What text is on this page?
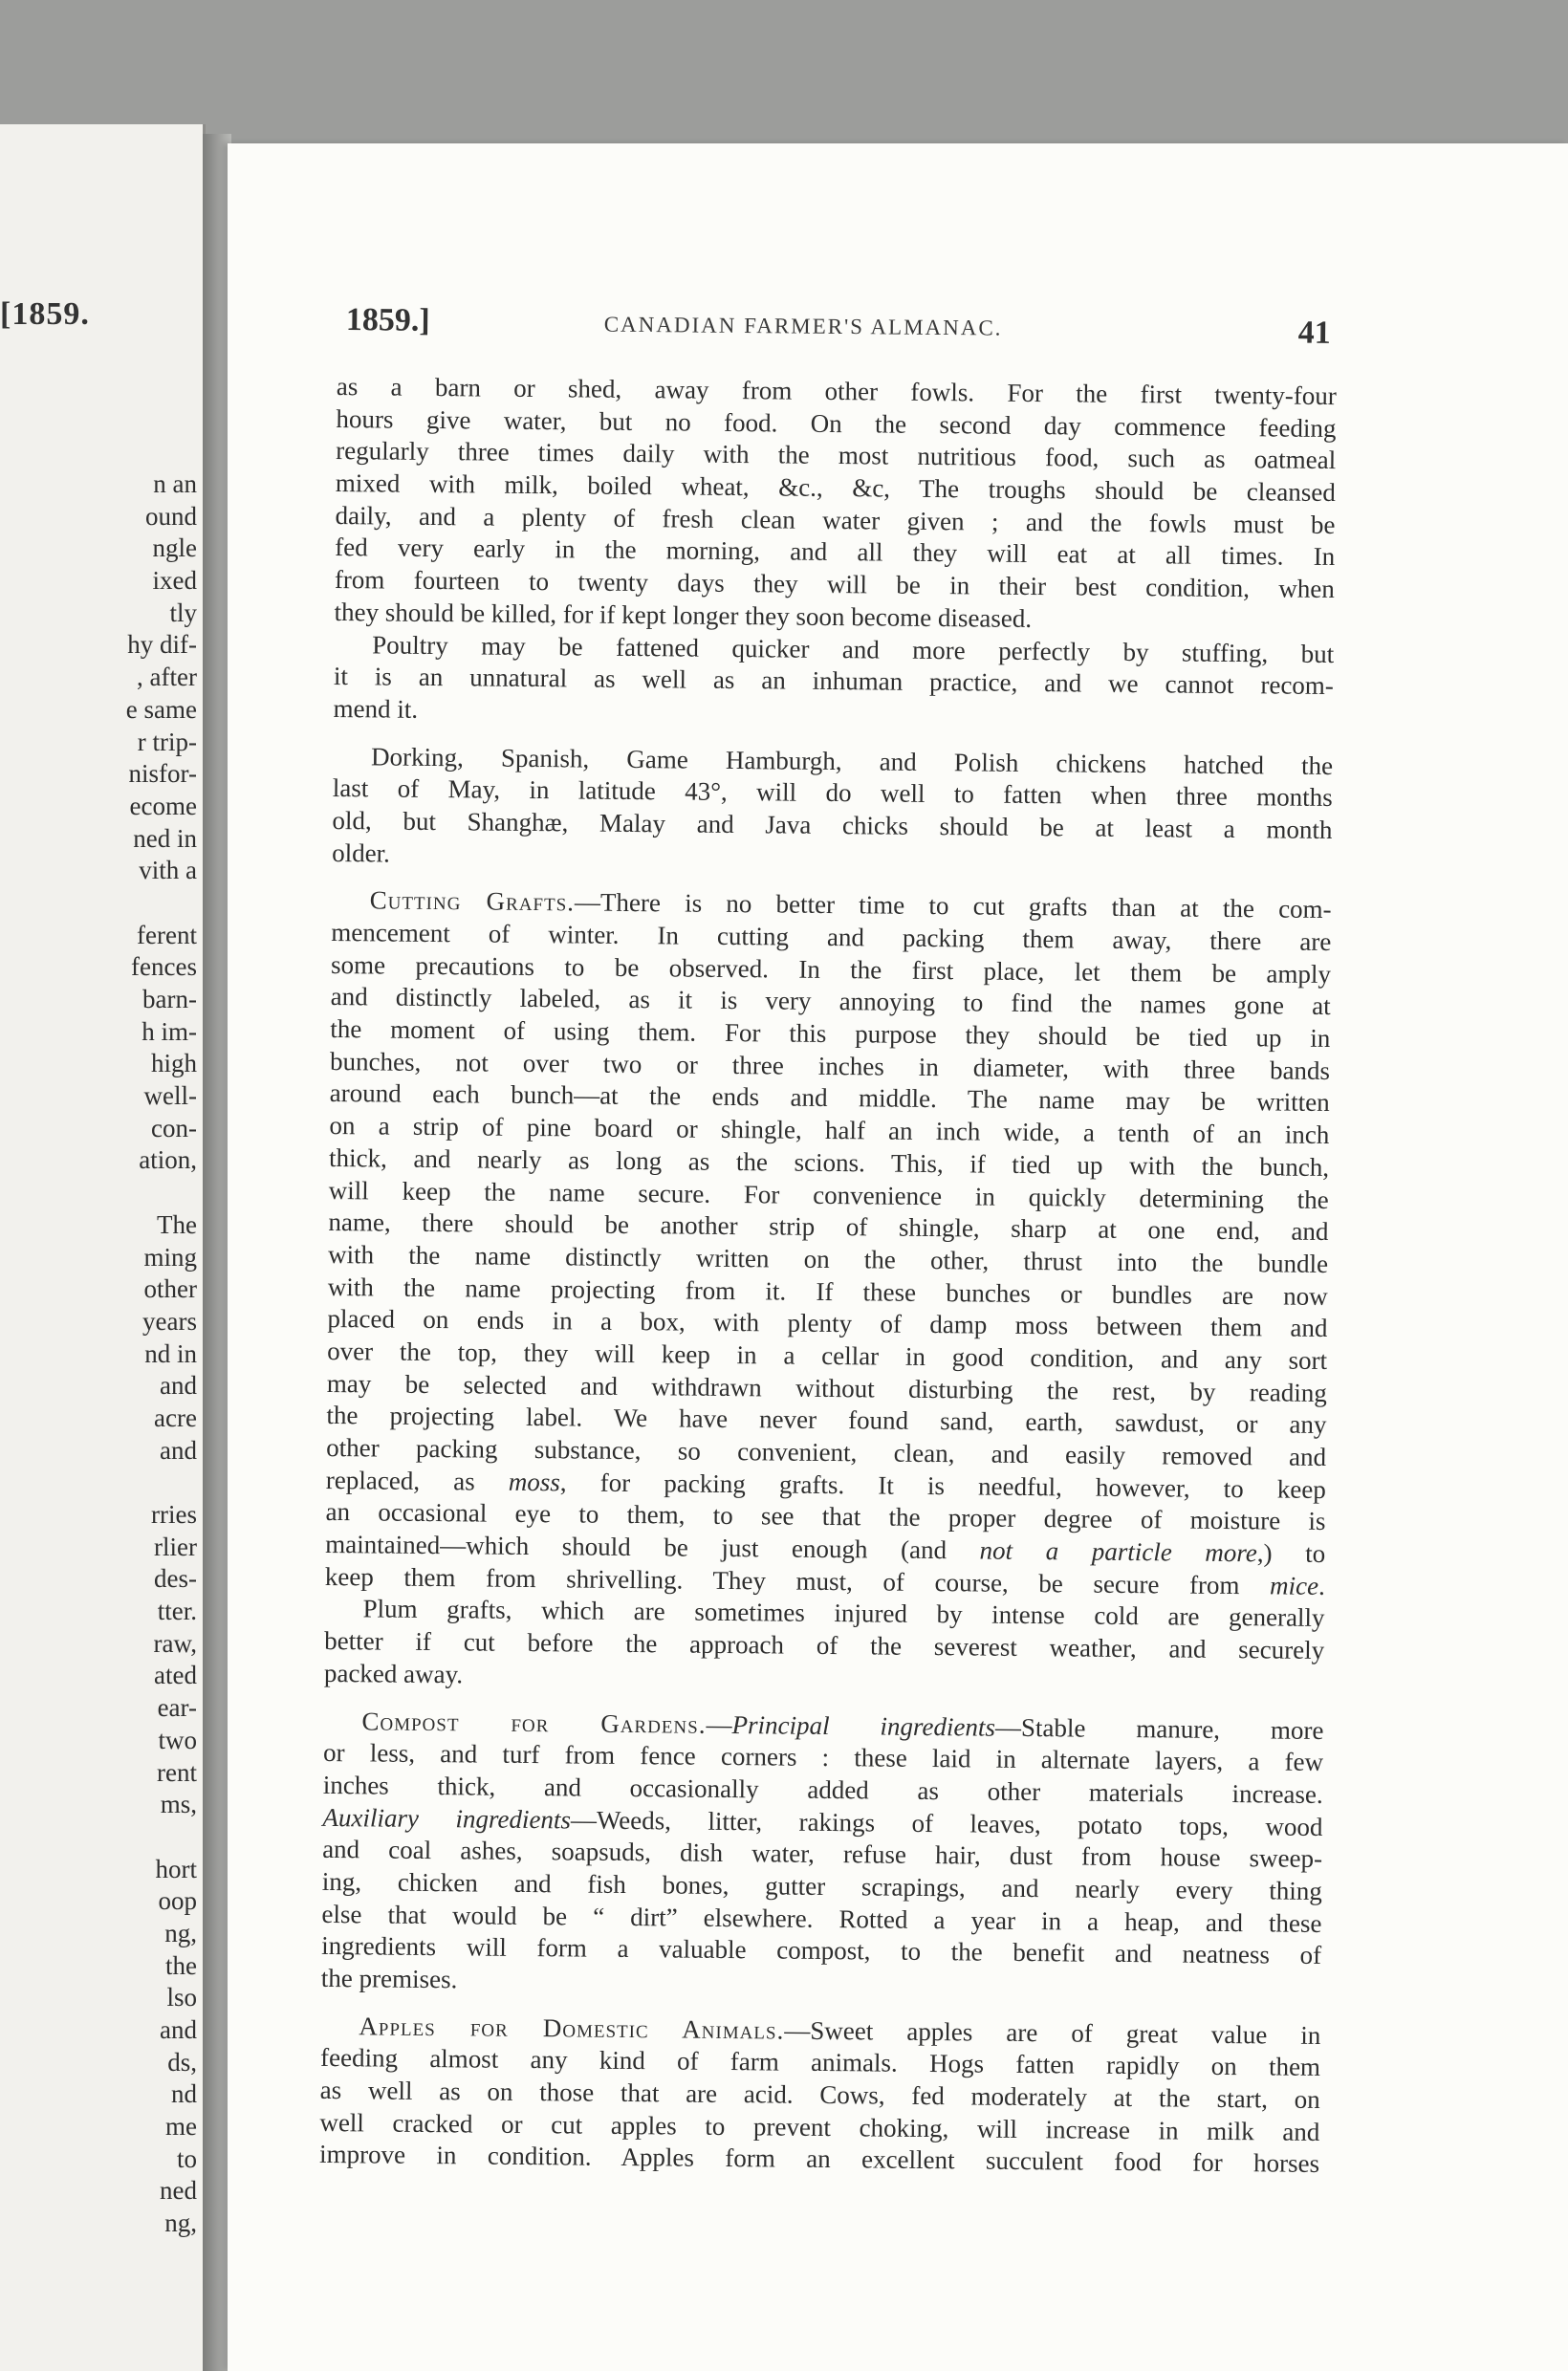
[1859.
n an
ound
ngle
ixed
tly
hy dif-
, after
e same
r trip-
nisfor-
ecome
ned in
vith a
ferent
fences
barn-
h im-
high
well-
con-
ation,
The
ming
other
years
nd in
and
acre
and
rries
rlier
des-
tter.
raw,
ated
ear-
two
rent
ms,
hort
oop
ng,
the
lso
and
ds,
nd
me
to
ned
ng,
1859.]	CANADIAN FARMER'S ALMANAC.	41
as a barn or shed, away from other fowls. For the first twenty-four
hours give water, but no food. On the second day commence feeding
regularly three times daily with the most nutritious food, such as oatmeal
mixed with milk, boiled wheat, &c., &c, The troughs should be cleansed
daily, and a plenty of fresh clean water given ; and the fowls must be
fed very early in the morning, and all they will eat at all times. In
from fourteen to twenty days they will be in their best condition, when
they should be killed, for if kept longer they soon become diseased.
Poultry may be fattened quicker and more perfectly by stuffing, but
it is an unnatural as well as an inhuman practice, and we cannot recom-
mend it.
Dorking, Spanish, Game Hamburgh, and Polish chickens hatched the
last of May, in latitude 43°, will do well to fatten when three months
old, but Shanghæ, Malay and Java chicks should be at least a month
older.
Cutting Grafts.—There is no better time to cut grafts than at the com-
mencement of winter. In cutting and packing them away, there are
some precautions to be observed. In the first place, let them be amply
and distinctly labeled, as it is very annoying to find the names gone at
the moment of using them. For this purpose they should be tied up in
bunches, not over two or three inches in diameter, with three bands
around each bunch—at the ends and middle. The name may be written
on a strip of pine board or shingle, half an inch wide, a tenth of an inch
thick, and nearly as long as the scions. This, if tied up with the bunch,
will keep the name secure. For convenience in quickly determining the
name, there should be another strip of shingle, sharp at one end, and
with the name distinctly written on the other, thrust into the bundle
with the name projecting from it. If these bunches or bundles are now
placed on ends in a box, with plenty of damp moss between them and
over the top, they will keep in a cellar in good condition, and any sort
may be selected and withdrawn without disturbing the rest, by reading
the projecting label. We have never found sand, earth, sawdust, or any
other packing substance, so convenient, clean, and easily removed and
replaced, as moss, for packing grafts. It is needful, however, to keep
an occasional eye to them, to see that the proper degree of moisture is
maintained—which should be just enough (and not a particle more,) to
keep them from shrivelling. They must, of course, be secure from mice.
Plum grafts, which are sometimes injured by intense cold are generally
better if cut before the approach of the severest weather, and securely
packed away.
Compost for Gardens.—Principal ingredients—Stable manure, more
or less, and turf from fence corners : these laid in alternate layers, a few
inches thick, and occasionally added as other materials increase.
Auxiliary ingredients—Weeds, litter, rakings of leaves, potato tops, wood
and coal ashes, soapsuds, dish water, refuse hair, dust from house sweep-
ing, chicken and fish bones, gutter scrapings, and nearly every thing
else that would be “ dirt” elsewhere. Rotted a year in a heap, and these
ingredients will form a valuable compost, to the benefit and neatness of
the premises.
Apples for Domestic Animals.—Sweet apples are of great value in
feeding almost any kind of farm animals. Hogs fatten rapidly on them
as well as on those that are acid. Cows, fed moderately at the start, on
well cracked or cut apples to prevent choking, will increase in milk and
improve in condition. Apples form an excellent succulent food for horses
